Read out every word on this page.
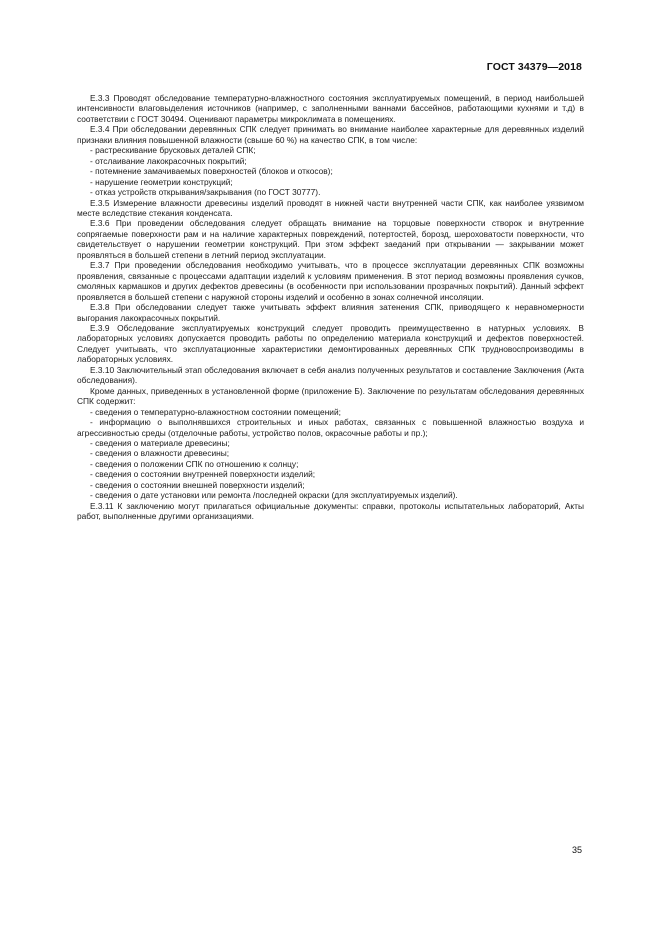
ГОСТ 34379—2018

Е.3.3 Проводят обследование температурно-влажностного состояния эксплуатируемых помещений, в период наибольшей интенсивности влаговыделения источников (например, с заполненными ваннами бассейнов, работающими кухнями и т.д) в соответствии с ГОСТ 30494. Оценивают параметры микроклимата в помещениях.

Е.3.4 При обследовании деревянных СПК следует принимать во внимание наиболее характерные для деревянных изделий признаки влияния повышенной влажности (свыше 60 %) на качество СПК, в том числе:

- растрескивание брусковых деталей СПК;

- отслаивание лакокрасочных покрытий;

- потемнение замачиваемых поверхностей (блоков и откосов);

- нарушение геометрии конструкций;

- отказ устройств открывания/закрывания (по ГОСТ 30777).

Е.3.5 Измерение влажности древесины изделий проводят в нижней части внутренней части СПК, как наиболее уязвимом месте вследствие стекания конденсата.

Е.3.6 При проведении обследования следует обращать внимание на торцовые поверхности створок и внутренние сопрягаемые поверхности рам и на наличие характерных повреждений, потертостей, борозд, шероховатости поверхности, что свидетельствует о нарушении геометрии конструкций. При этом эффект заеданий при открывании — закрывании может проявляться в большей степени в летний период эксплуатации.

Е.3.7 При проведении обследования необходимо учитывать, что в процессе эксплуатации деревянных СПК возможны проявления, связанные с процессами адаптации изделий к условиям применения. В этот период возможны проявления сучков, смоляных кармашков и других дефектов древесины (в особенности при использовании прозрачных покрытий). Данный эффект проявляется в большей степени с наружной стороны изделий и особенно в зонах солнечной инсоляции.

Е.3.8 При обследовании следует также учитывать эффект влияния затенения СПК, приводящего к неравномерности выгорания лакокрасочных покрытий.

Е.3.9 Обследование эксплуатируемых конструкций следует проводить преимущественно в натурных условиях. В лабораторных условиях допускается проводить работы по определению материала конструкций и дефектов поверхностей. Следует учитывать, что эксплуатационные характеристики демонтированных деревянных СПК трудновоспроизводимы в лабораторных условиях.

Е.3.10 Заключительный этап обследования включает в себя анализ полученных результатов и составление Заключения (Акта обследования).

Кроме данных, приведенных в установленной форме (приложение Б). Заключение по результатам обследования деревянных СПК содержит:

- сведения о температурно-влажностном состоянии помещений;

- информацию о выполнявшихся строительных и иных работах, связанных с повышенной влажностью воздуха и агрессивностью среды (отделочные работы, устройство полов, окрасочные работы и пр.);

- сведения о материале древесины;

- сведения о влажности древесины;

- сведения о положении СПК по отношению к солнцу;

- сведения о состоянии внутренней поверхности изделий;

- сведения о состоянии внешней поверхности изделий;

- сведения о дате установки или ремонта /последней окраски (для эксплуатируемых изделий).

Е.3.11 К заключению могут прилагаться официальные документы: справки, протоколы испытательных лабораторий, Акты работ, выполненные другими организациями.

35
